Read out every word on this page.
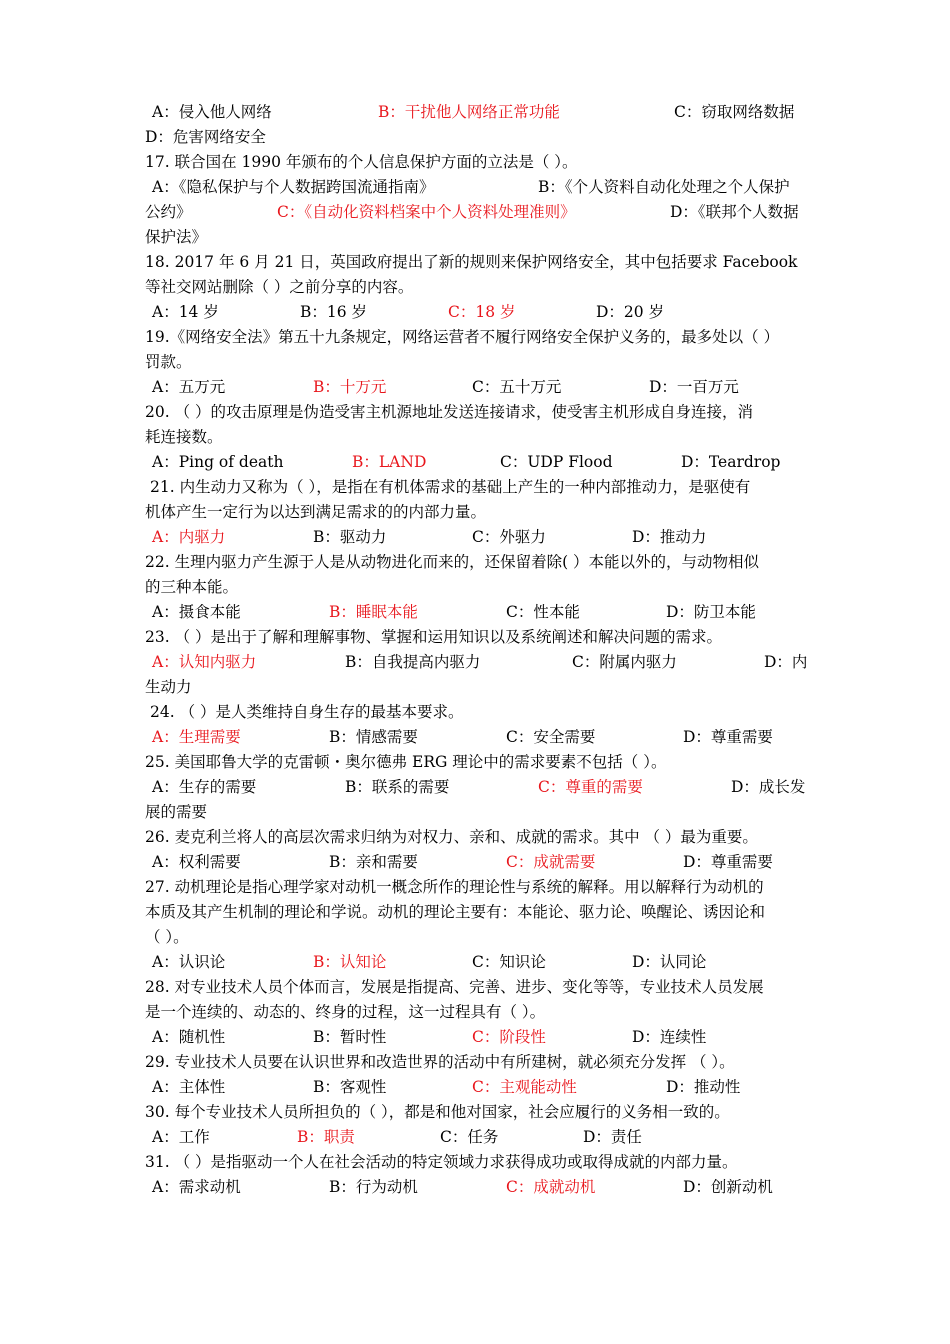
A：侵入他人网络	B：干扰他人网络正常功能	C：窃取网络数据
D：危害网络安全
17. 联合国在 1990 年颁布的个人信息保护方面的立法是（ ）。
A：《隐私保护与个人数据跨国流通指南》	B：《个人资料自动化处理之个人保护
公约》	C：《自动化资料档案中个人资料处理准则》	D：《联邦个人数据
保护法》
18. 2017 年 6 月 21 日，英国政府提出了新的规则来保护网络安全，其中包括要求 Facebook
等社交网站删除（ ）之前分享的内容。
A：14 岁	B：16 岁	C：18 岁	D：20 岁
19.《网络安全法》第五十九条规定，网络运营者不履行网络安全保护义务的，最多处以（ ）
罚款。
A：五万元	B：十万元	C：五十万元	D：一百万元
20. （ ）的攻击原理是伪造受害主机源地址发送连接请求，使受害主机形成自身连接，消
耗连接数。
A：Ping of death	B：LAND	C：UDP Flood	D：Teardrop
21. 内生动力又称为（ ），是指在有机体需求的基础上产生的一种内部推动力，是驱使有
机体产生一定行为以达到满足需求的的内部力量。
A：内驱力	B：驱动力	C：外驱力	D：推动力
22. 生理内驱力产生源于人是从动物进化而来的，还保留着除( ）本能以外的，与动物相似
的三种本能。
A：摄食本能	B：睡眠本能	C：性本能	D：防卫本能
23. （ ）是出于了解和理解事物、掌握和运用知识以及系统阐述和解决问题的需求。
A：认知内驱力	B：自我提高内驱力	C：附属内驱力	D：内
生动力
24. （ ）是人类维持自身生存的最基本要求。
A：生理需要	B：情感需要	C：安全需要	D：尊重需要
25. 美国耶鲁大学的克雷顿・奥尔德弗 ERG 理论中的需求要素不包括（ ）。
A：生存的需要	B：联系的需要	C：尊重的需要	D：成长发
展的需要
26. 麦克利兰将人的高层次需求归纳为对权力、亲和、成就的需求。其中 （ ）最为重要。
A：权利需要	B：亲和需要	C：成就需要	D：尊重需要
27. 动机理论是指心理学家对动机一概念所作的理论性与系统的解释。用以解释行为动机的
本质及其产生机制的理论和学说。动机的理论主要有：本能论、驱力论、唤醒论、诱因论和
（ ）。
A：认识论	B：认知论	C：知识论	D：认同论
28. 对专业技术人员个体而言，发展是指提高、完善、进步、变化等等，专业技术人员发展
是一个连续的、动态的、终身的过程，这一过程具有（ ）。
A：随机性	B：暂时性	C：阶段性	D：连续性
29. 专业技术人员要在认识世界和改造世界的活动中有所建树，就必须充分发挥 （ ）。
A：主体性	B：客观性	C：主观能动性	D：推动性
30. 每个专业技术人员所担负的（ ），都是和他对国家，社会应履行的义务相一致的。
A：工作	B：职责	C：任务	D：责任
31. （ ）是指驱动一个人在社会活动的特定领域力求获得成功或取得成就的内部力量。
A：需求动机	B：行为动机	C：成就动机	D：创新动机
